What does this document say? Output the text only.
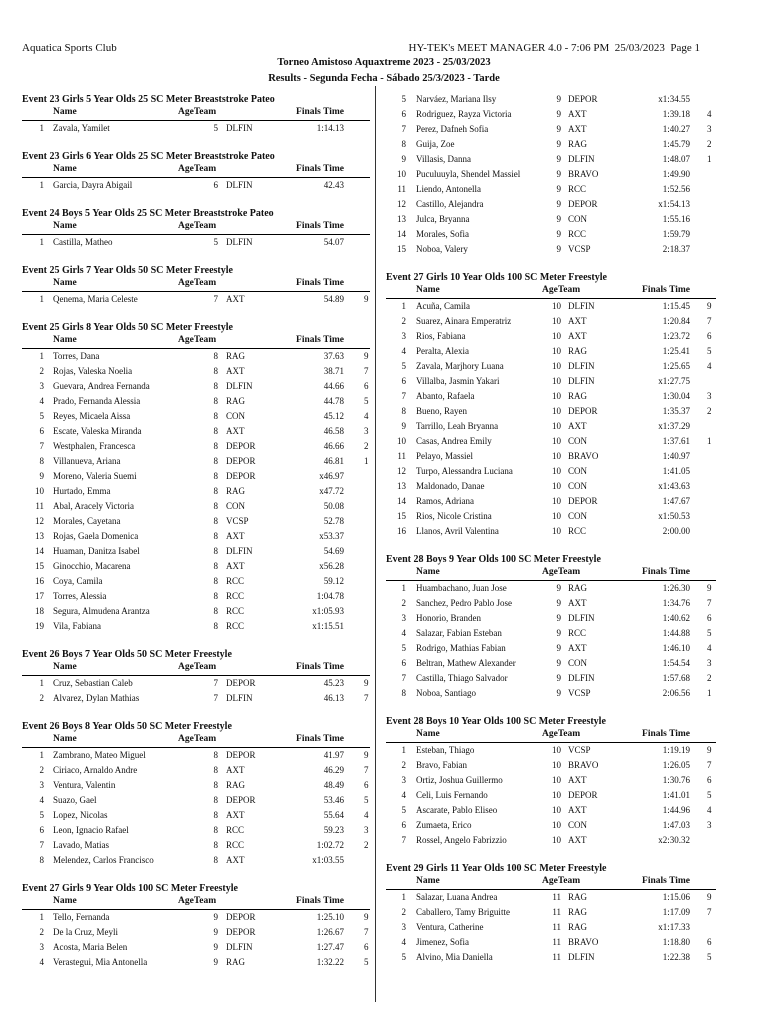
Aquatica Sports Club	HY-TEK's MEET MANAGER 4.0 - 7:06 PM  25/03/2023  Page 1
Torneo Amistoso Aquaxtreme 2023 - 25/03/2023
Results - Segunda Fecha - Sábado 25/3/2023 - Tarde
Event 23 Girls 5 Year Olds 25 SC Meter Breaststroke Pateo
Name	AgeTeam	Finals Time
1 Zavala, Yamilet	5 DLFIN	1:14.13
Event 23 Girls 6 Year Olds 25 SC Meter Breaststroke Pateo
Name	AgeTeam	Finals Time
1 Garcia, Dayra Abigail	6 DLFIN	42.43
Event 24 Boys 5 Year Olds 25 SC Meter Breaststroke Pateo
Name	AgeTeam	Finals Time
1 Castilla, Matheo	5 DLFIN	54.07
Event 25 Girls 7 Year Olds 50 SC Meter Freestyle
Name	AgeTeam	Finals Time
1 Qenema, Maria Celeste	7 AXT	54.89 9
Event 25 Girls 8 Year Olds 50 SC Meter Freestyle
Name	AgeTeam	Finals Time
1 Torres, Dana	8 RAG	37.63 9
2 Rojas, Valeska Noelia	8 AXT	38.71 7
3 Guevara, Andrea Fernanda	8 DLFIN	44.66 6
4 Prado, Fernanda Alessia	8 RAG	44.78 5
5 Reyes, Micaela Aissa	8 CON	45.12 4
6 Escate, Valeska Miranda	8 AXT	46.58 3
7 Westphalen, Francesca	8 DEPOR	46.66 2
8 Villanueva, Ariana	8 DEPOR	46.81 1
9 Moreno, Valeria Suemi	8 DEPOR	x46.97
10 Hurtado, Emma	8 RAG	x47.72
11 Abal, Aracely Victoria	8 CON	50.08
12 Morales, Cayetana	8 VCSP	52.78
13 Rojas, Gaela Domenica	8 AXT	x53.37
14 Huaman, Danitza Isabel	8 DLFIN	54.69
15 Ginocchio, Macarena	8 AXT	x56.28
16 Coya, Camila	8 RCC	59.12
17 Torres, Alessia	8 RCC	1:04.78
18 Segura, Almudena Arantza	8 RCC	x1:05.93
19 Vila, Fabiana	8 RCC	x1:15.51
Event 26 Boys 7 Year Olds 50 SC Meter Freestyle
Name	AgeTeam	Finals Time
1 Cruz, Sebastian Caleb	7 DEPOR	45.23 9
2 Alvarez, Dylan Mathias	7 DLFIN	46.13 7
Event 26 Boys 8 Year Olds 50 SC Meter Freestyle
Name	AgeTeam	Finals Time
1 Zambrano, Mateo Miguel	8 DEPOR	41.97 9
2 Ciriaco, Arnaldo Andre	8 AXT	46.29 7
3 Ventura, Valentin	8 RAG	48.49 6
4 Suazo, Gael	8 DEPOR	53.46 5
5 Lopez, Nicolas	8 AXT	55.64 4
6 Leon, Ignacio Rafael	8 RCC	59.23 3
7 Lavado, Matias	8 RCC	1:02.72 2
8 Melendez, Carlos Francisco	8 AXT	x1:03.55
Event 27 Girls 9 Year Olds 100 SC Meter Freestyle
Name	AgeTeam	Finals Time
1 Tello, Fernanda	9 DEPOR	1:25.10 9
2 De la Cruz, Meyli	9 DEPOR	1:26.67 7
3 Acosta, Maria Belen	9 DLFIN	1:27.47 6
4 Verastegui, Mia Antonella	9 RAG	1:32.22 5
5 Narváez, Mariana Ilsy	9 DEPOR	x1:34.55
6 Rodriguez, Rayza Victoria	9 AXT	1:39.18 4
7 Perez, Dafneh Sofia	9 AXT	1:40.27 3
8 Guija, Zoe	9 RAG	1:45.79 2
9 Villasis, Danna	9 DLFIN	1:48.07 1
10 Puculuuyla, Shendel Massiel	9 BRAVO	1:49.90
11 Liendo, Antonella	9 RCC	1:52.56
12 Castillo, Alejandra	9 DEPOR	x1:54.13
13 Julca, Bryanna	9 CON	1:55.16
14 Morales, Sofia	9 RCC	1:59.79
15 Noboa, Valery	9 VCSP	2:18.37
Event 27 Girls 10 Year Olds 100 SC Meter Freestyle
Name	AgeTeam	Finals Time
1 Acuña, Camila	10 DLFIN	1:15.45 9
2 Suarez, Ainara Emperatriz	10 AXT	1:20.84 7
3 Rios, Fabiana	10 AXT	1:23.72 6
4 Peralta, Alexia	10 RAG	1:25.41 5
5 Zavala, Marjhory Luana	10 DLFIN	1:25.65 4
6 Villalba, Jasmin Yakari	10 DLFIN	x1:27.75
7 Abanto, Rafaela	10 RAG	1:30.04 3
8 Bueno, Rayen	10 DEPOR	1:35.37 2
9 Tarrillo, Leah Bryanna	10 AXT	x1:37.29
10 Casas, Andrea Emily	10 CON	1:37.61 1
11 Pelayo, Massiel	10 BRAVO	1:40.97
12 Turpo, Alessandra Luciana	10 CON	1:41.05
13 Maldonado, Danae	10 CON	x1:43.63
14 Ramos, Adriana	10 DEPOR	1:47.67
15 Rios, Nicole Cristina	10 CON	x1:50.53
16 Llanos, Avril Valentina	10 RCC	2:00.00
Event 28 Boys 9 Year Olds 100 SC Meter Freestyle
Name	AgeTeam	Finals Time
1 Huambachano, Juan Jose	9 RAG	1:26.30 9
2 Sanchez, Pedro Pablo Jose	9 AXT	1:34.76 7
3 Honorio, Branden	9 DLFIN	1:40.62 6
4 Salazar, Fabian Esteban	9 RCC	1:44.88 5
5 Rodrigo, Mathias Fabian	9 AXT	1:46.10 4
6 Beltran, Mathew Alexander	9 CON	1:54.54 3
7 Castilla, Thiago Salvador	9 DLFIN	1:57.68 2
8 Noboa, Santiago	9 VCSP	2:06.56 1
Event 28 Boys 10 Year Olds 100 SC Meter Freestyle
Name	AgeTeam	Finals Time
1 Esteban, Thiago	10 VCSP	1:19.19 9
2 Bravo, Fabian	10 BRAVO	1:26.05 7
3 Ortiz, Joshua Guillermo	10 AXT	1:30.76 6
4 Celi, Luis Fernando	10 DEPOR	1:41.01 5
5 Ascarate, Pablo Eliseo	10 AXT	1:44.96 4
6 Zumaeta, Erico	10 CON	1:47.03 3
7 Rossel, Angelo Fabrizzio	10 AXT	x2:30.32
Event 29 Girls 11 Year Olds 100 SC Meter Freestyle
Name	AgeTeam	Finals Time
1 Salazar, Luana Andrea	11 RAG	1:15.06 9
2 Caballero, Tamy Briguitte	11 RAG	1:17.09 7
3 Ventura, Catherine	11 RAG	x1:17.33
4 Jimenez, Sofia	11 BRAVO	1:18.80 6
5 Alvino, Mia Daniella	11 DLFIN	1:22.38 5
